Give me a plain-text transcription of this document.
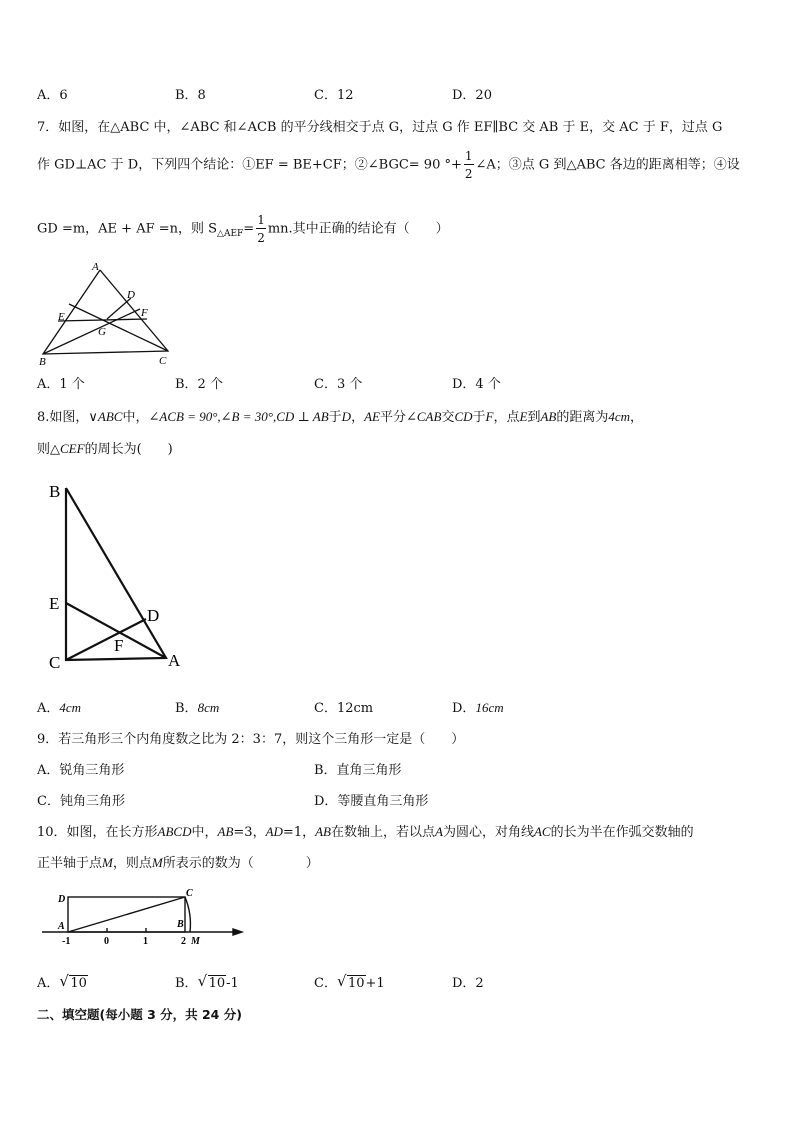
A．6	B．8	C．12	D．20
7．如图，在△ABC 中，∠ABC 和∠ACB 的平分线相交于点 G，过点 G 作 EF∥BC 交 AB 于 E，交 AC 于 F，过点 G
作 GD⊥AC 于 D，下列四个结论：①EF = BE+CF；②∠BGC= 90 °+ $\frac{1}{2}$ ∠A；③点 G 到△ABC 各边的距离相等；④设
GD =m，AE + AF =n，则 $S_{\triangle AEF}= \frac{1}{2}$ mn.其中正确的结论有（　　）
A
D
E	F
G
B	C
A．1 个	B．2 个	C．3 个	D．4 个
8.如图，∨ABC中，∠ACB = 90°,∠B = 30°,CD ⊥ AB于D，AE平分∠CAB交CD于F，点E到AB的距离为4cm，
则△CEF的周长为(　　)
B
E
D
F
C	A
A．4cm	B．8cm	C．12cm	D．16cm
9．若三角形三个内角度数之比为 2：3：7，则这个三角形一定是（　　）
A．锐角三角形	B．直角三角形
C．钝角三角形	D．等腰直角三角形
10．如图，在长方形ABCD中，AB=3，AD=1，AB在数轴上，若以点A为圆心，对角线AC的长为半在作弧交数轴的
正半轴于点M，则点M所表示的数为（　　　　）
D
C
A	B
-1	0	1	2 M
A． √ 10	B． √ 10-1	C． √ 10+1	D．2
二、填空题(每小题 3 分，共 24 分)
